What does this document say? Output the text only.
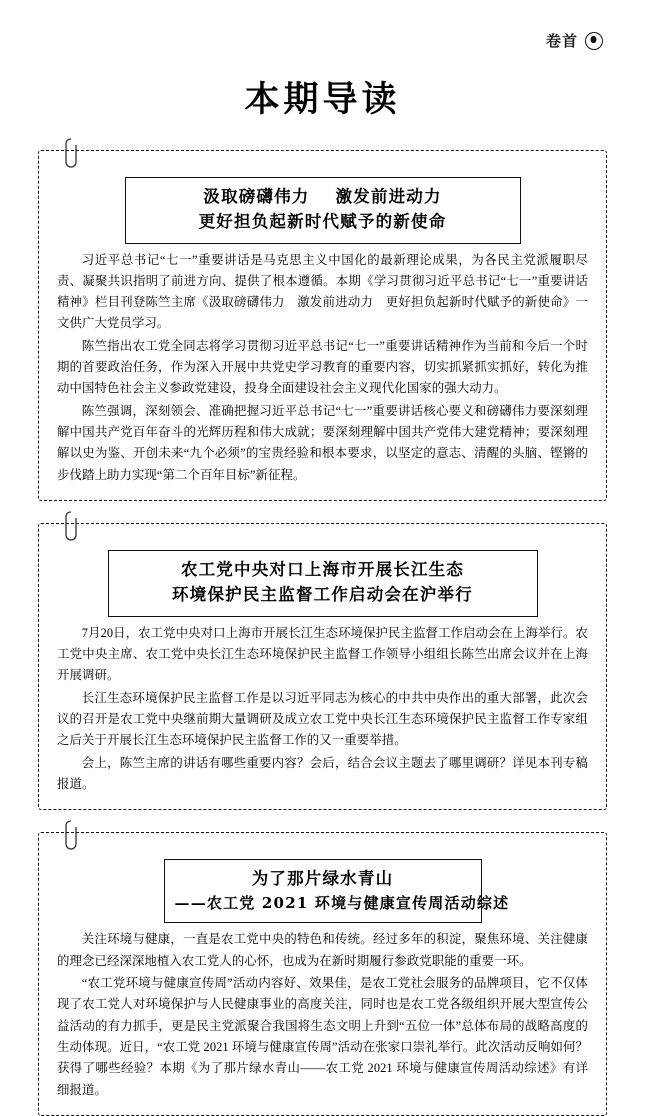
卷首
本期导读
汲取磅礴伟力 激发前进动力
更好担负起新时代赋予的新使命

习近平总书记“七一”重要讲话是马克思主义中国化的最新理论成果，为各民主党派履职尽责、凝聚共识指明了前进方向、提供了根本遵循。本期《学习贯彻习近平总书记“七一”重要讲话精神》栏目刊登陈竺主席《汲取磅礴伟力　激发前进动力　更好担负起新时代赋予的新使命》一文供广大党员学习。

陈竺指出农工党全同志将学习贯彻习近平总书记“七一”重要讲话精神作为当前和今后一个时期的首要政治任务，作为深入开展中共党史学习教育的重要内容，切实抓紧抓实抓好，转化为推动中国特色社会主义参政党建设，投身全面建设社会主义现代化国家的强大动力。

陈竺强调，深刻领会、准确把握习近平总书记“七一”重要讲话核心要义和磅礴伟力要深刻理解中国共产党百年奋斗的光辉历程和伟大成就；要深刻理解中国共产党伟大建党精神；要深刻理解以史为鉴、开创未来“九个必须”的宝贵经验和根本要求，以坚定的意志、清醒的头脑、铿锵的步伐踏上助力实现“第二个百年目标”新征程。

农工党中央对口上海市开展长江生态
环境保护民主监督工作启动会在沪举行

7月20日，农工党中央对口上海市开展长江生态环境保护民主监督工作启动会在上海举行。农工党中央主席、农工党中央长江生态环境保护民主监督工作领导小组组长陈竺出席会议并在上海开展调研。

长江生态环境保护民主监督工作是以习近平同志为核心的中共中央作出的重大部署，此次会议的召开是农工党中央继前期大量调研及成立农工党中央长江生态环境保护民主监督工作专家组之后关于开展长江生态环境保护民主监督工作的又一重要举措。

会上，陈竺主席的讲话有哪些重要内容？会后，结合会议主题去了哪里调研？详见本刊专稿报道。

为了那片绿水青山
——农工党 2021 环境与健康宣传周活动综述

关注环境与健康，一直是农工党中央的特色和传统。经过多年的积淀，聚焦环境、关注健康的理念已经深深地植入农工党人的心怀，也成为在新时期履行参政党职能的重要一环。

“农工党环境与健康宣传周”活动内容好、效果佳，是农工党社会服务的品牌项目，它不仅体现了农工党人对环境保护与人民健康事业的高度关注，同时也是农工党各级组织开展大型宣传公益活动的有力抓手，更是民主党派聚合我国将生态文明上升到“五位一体”总体布局的战略高度的生动体现。近日，“农工党 2021 环境与健康宣传周”活动在张家口崇礼举行。此次活动反响如何？获得了哪些经验？本期《为了那片绿水青山——农工党 2021 环境与健康宣传周活动综述》有详细报道。
